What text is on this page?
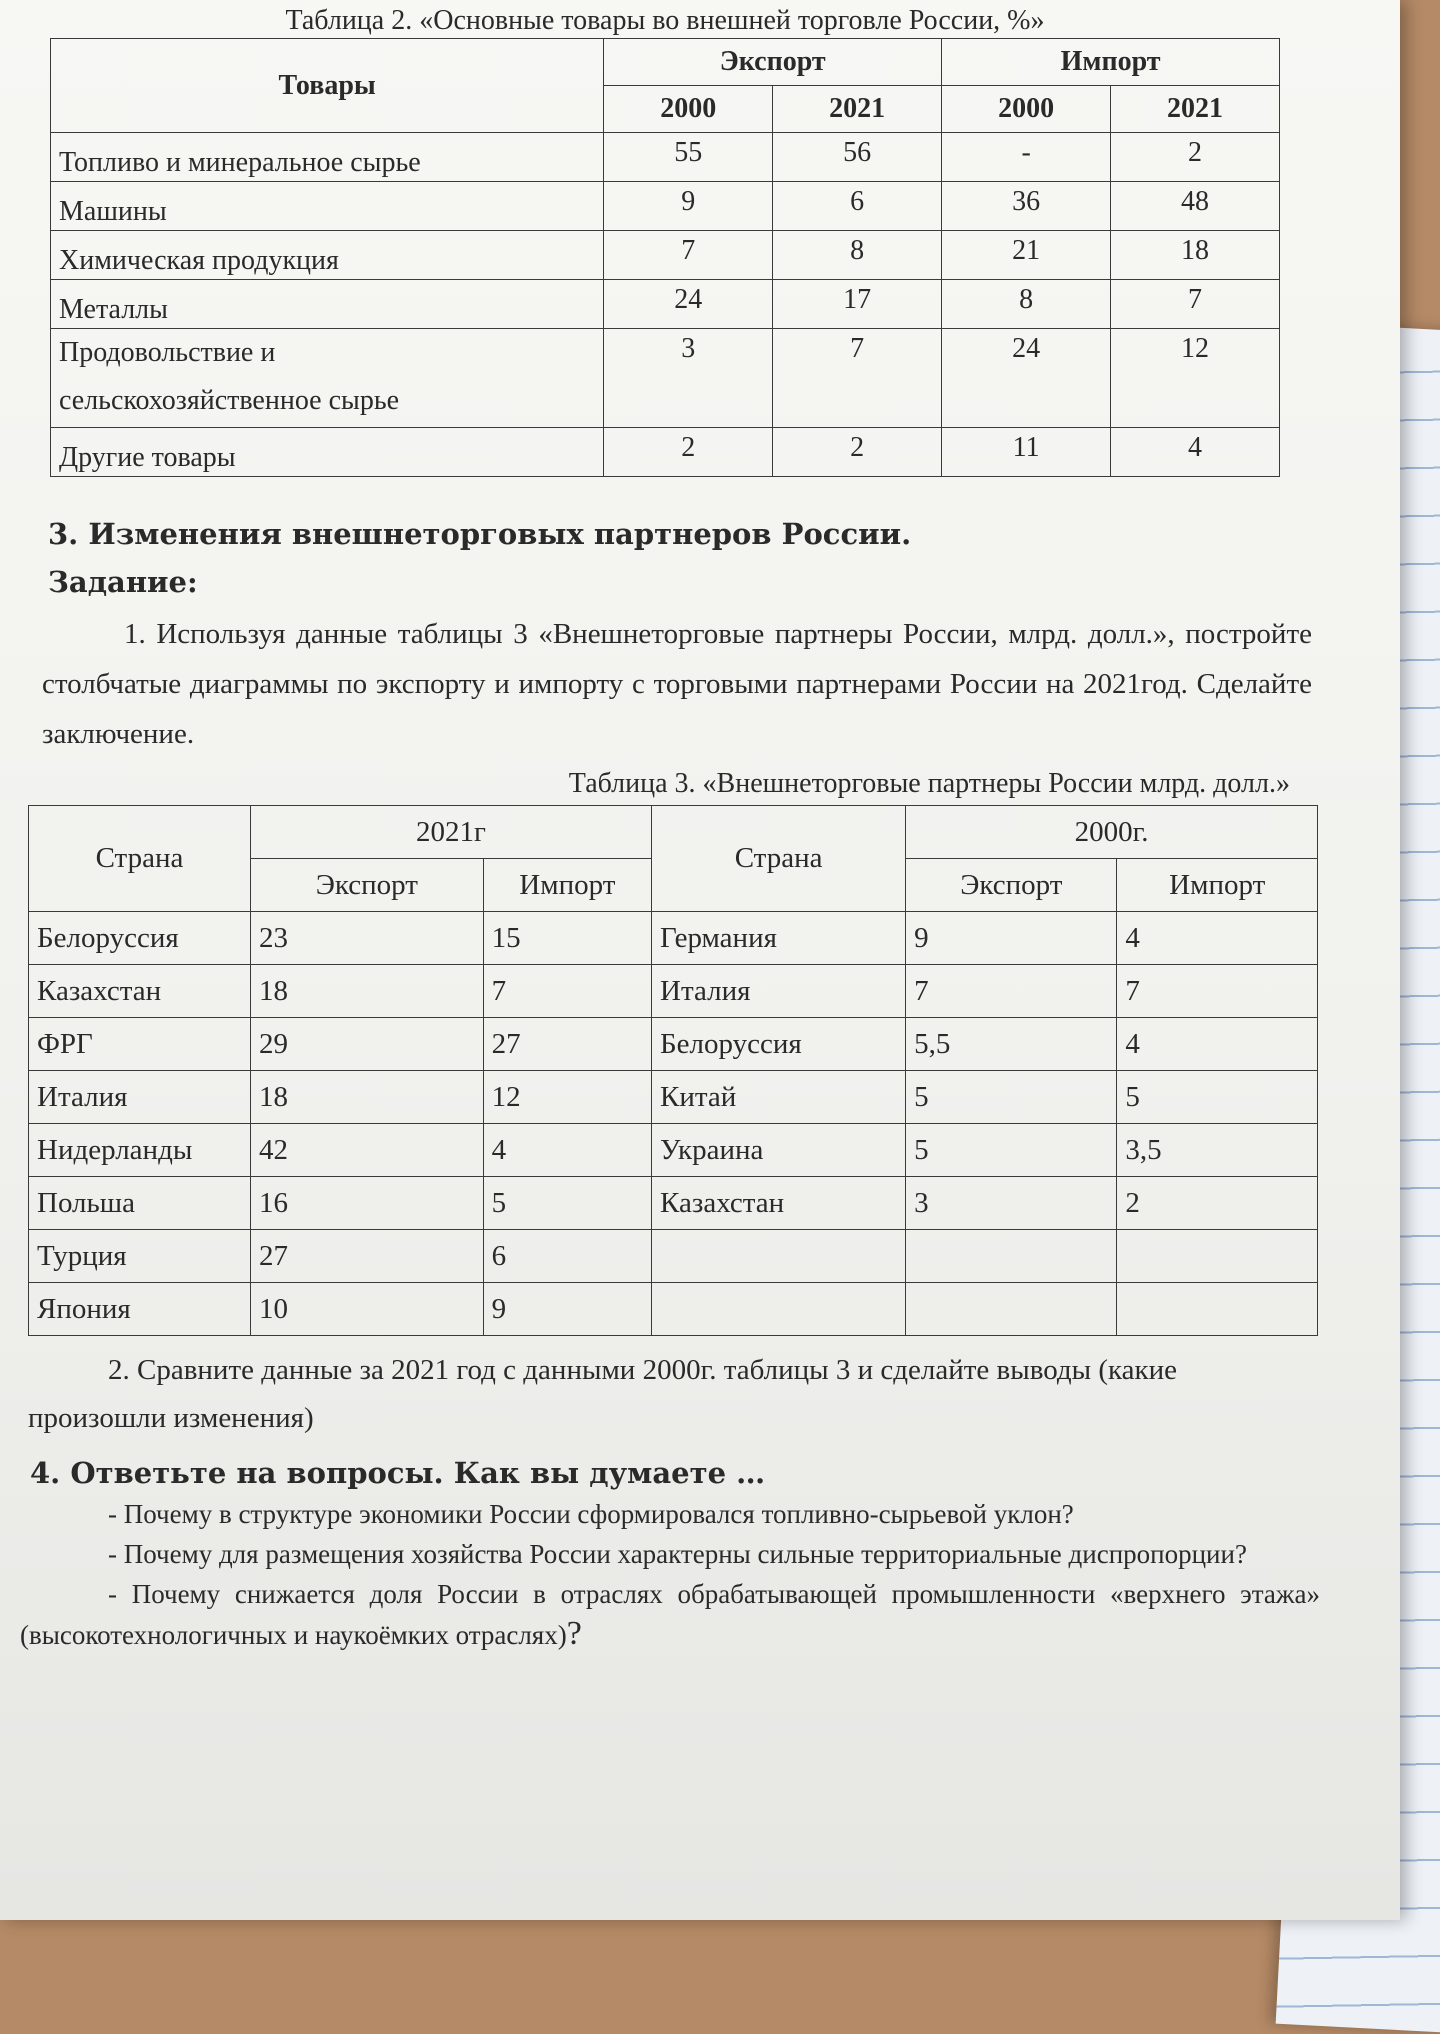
Таблица 2. «Основные товары во внешней торговле России, %»
Товары	Экспорт		Импорт	
	2000	2021	2000	2021
Топливо и минеральное сырье	55	56	-	2
Машины	9	6	36	48
Химическая продукция	7	8	21	18
Металлы	24	17	8	7
Продовольствие и
сельскохозяйственное сырье	3	7	24	12
Другие товары	2	2	11	4
3. Изменения внешнеторговых партнеров России.
Задание:

1. Используя данные таблицы 3 «Внешнеторговые партнеры России, млрд. долл.», постройте столбчатые диаграммы по экспорту и импорту с торговыми партнерами России на 2021год. Сделайте заключение.

Таблица 3. «Внешнеторговые партнеры России млрд. долл.»
Страна	2021г		Страна	2000г.	
	Экспорт	Импорт		Экспорт	Импорт
Белоруссия	23	15	Германия	9	4
Казахстан	18	7	Италия	7	7
ФРГ	29	27	Белоруссия	5,5	4
Италия	18	12	Китай	5	5
Нидерланды	42	4	Украина	5	3,5
Польша	16	5	Казахстан	3	2
Турция	27	6			
Япония	10	9			
2. Сравните данные за 2021 год с данными 2000г. таблицы 3 и сделайте выводы (какие произошли изменения)
4. Ответьте на вопросы. Как вы думаете …
- Почему в структуре экономики России сформировался топливно-сырьевой уклон?
- Почему для размещения хозяйства России характерны сильные территориальные диспропорции?
- Почему снижается доля России в отраслях обрабатывающей промышленности «верхнего этажа» (высокотехнологичных и наукоёмких отраслях)?
